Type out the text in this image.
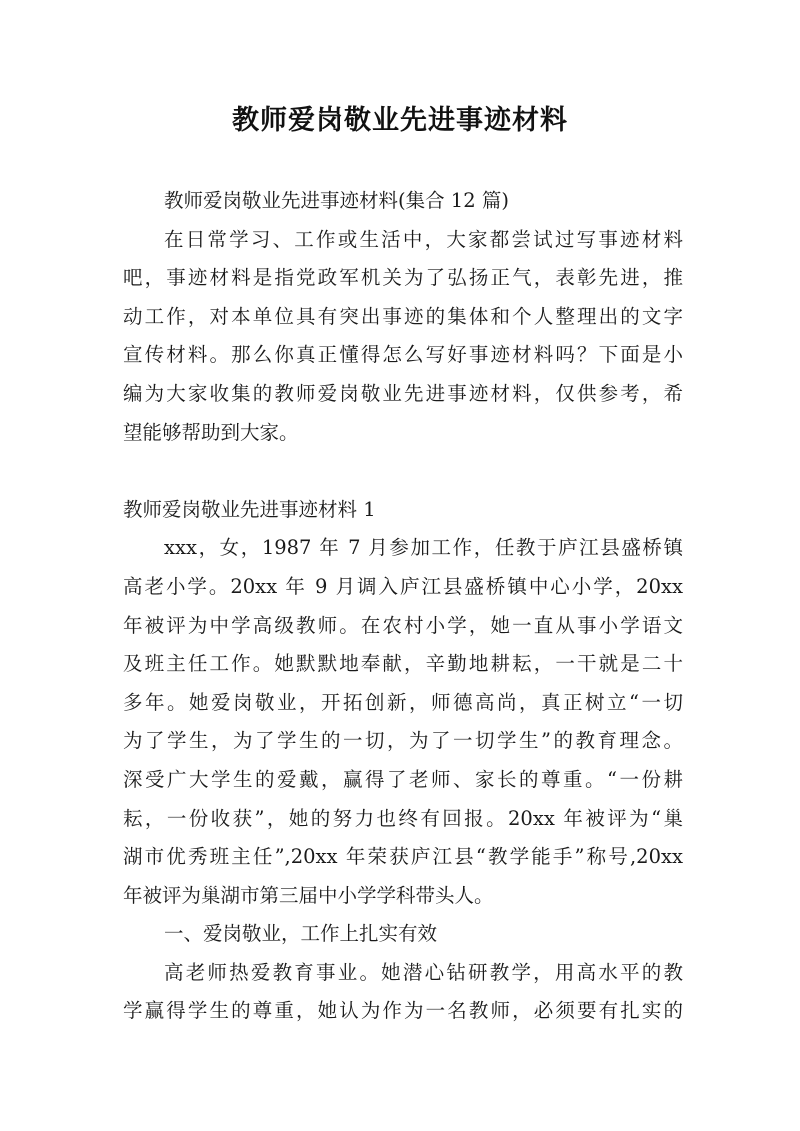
教师爱岗敬业先进事迹材料
教师爱岗敬业先进事迹材料(集合 12 篇)
在日常学习、工作或生活中，大家都尝试过写事迹材料
吧，事迹材料是指党政军机关为了弘扬正气，表彰先进，推
动工作，对本单位具有突出事迹的集体和个人整理出的文字
宣传材料。那么你真正懂得怎么写好事迹材料吗？下面是小
编为大家收集的教师爱岗敬业先进事迹材料，仅供参考，希
望能够帮助到大家。
教师爱岗敬业先进事迹材料 1
xxx，女，1987 年 7 月参加工作，任教于庐江县盛桥镇
高老小学。20xx 年 9 月调入庐江县盛桥镇中心小学，20xx
年被评为中学高级教师。在农村小学，她一直从事小学语文
及班主任工作。她默默地奉献，辛勤地耕耘，一干就是二十
多年。她爱岗敬业，开拓创新，师德高尚，真正树立“一切
为了学生，为了学生的一切，为了一切学生”的教育理念。
深受广大学生的爱戴，赢得了老师、家长的尊重。“一份耕
耘，一份收获”，她的努力也终有回报。20xx 年被评为“巢
湖市优秀班主任”,20xx 年荣获庐江县“教学能手”称号,20xx
年被评为巢湖市第三届中小学学科带头人。
一、爱岗敬业，工作上扎实有效
高老师热爱教育事业。她潜心钻研教学，用高水平的教
学赢得学生的尊重，她认为作为一名教师，必须要有扎实的
